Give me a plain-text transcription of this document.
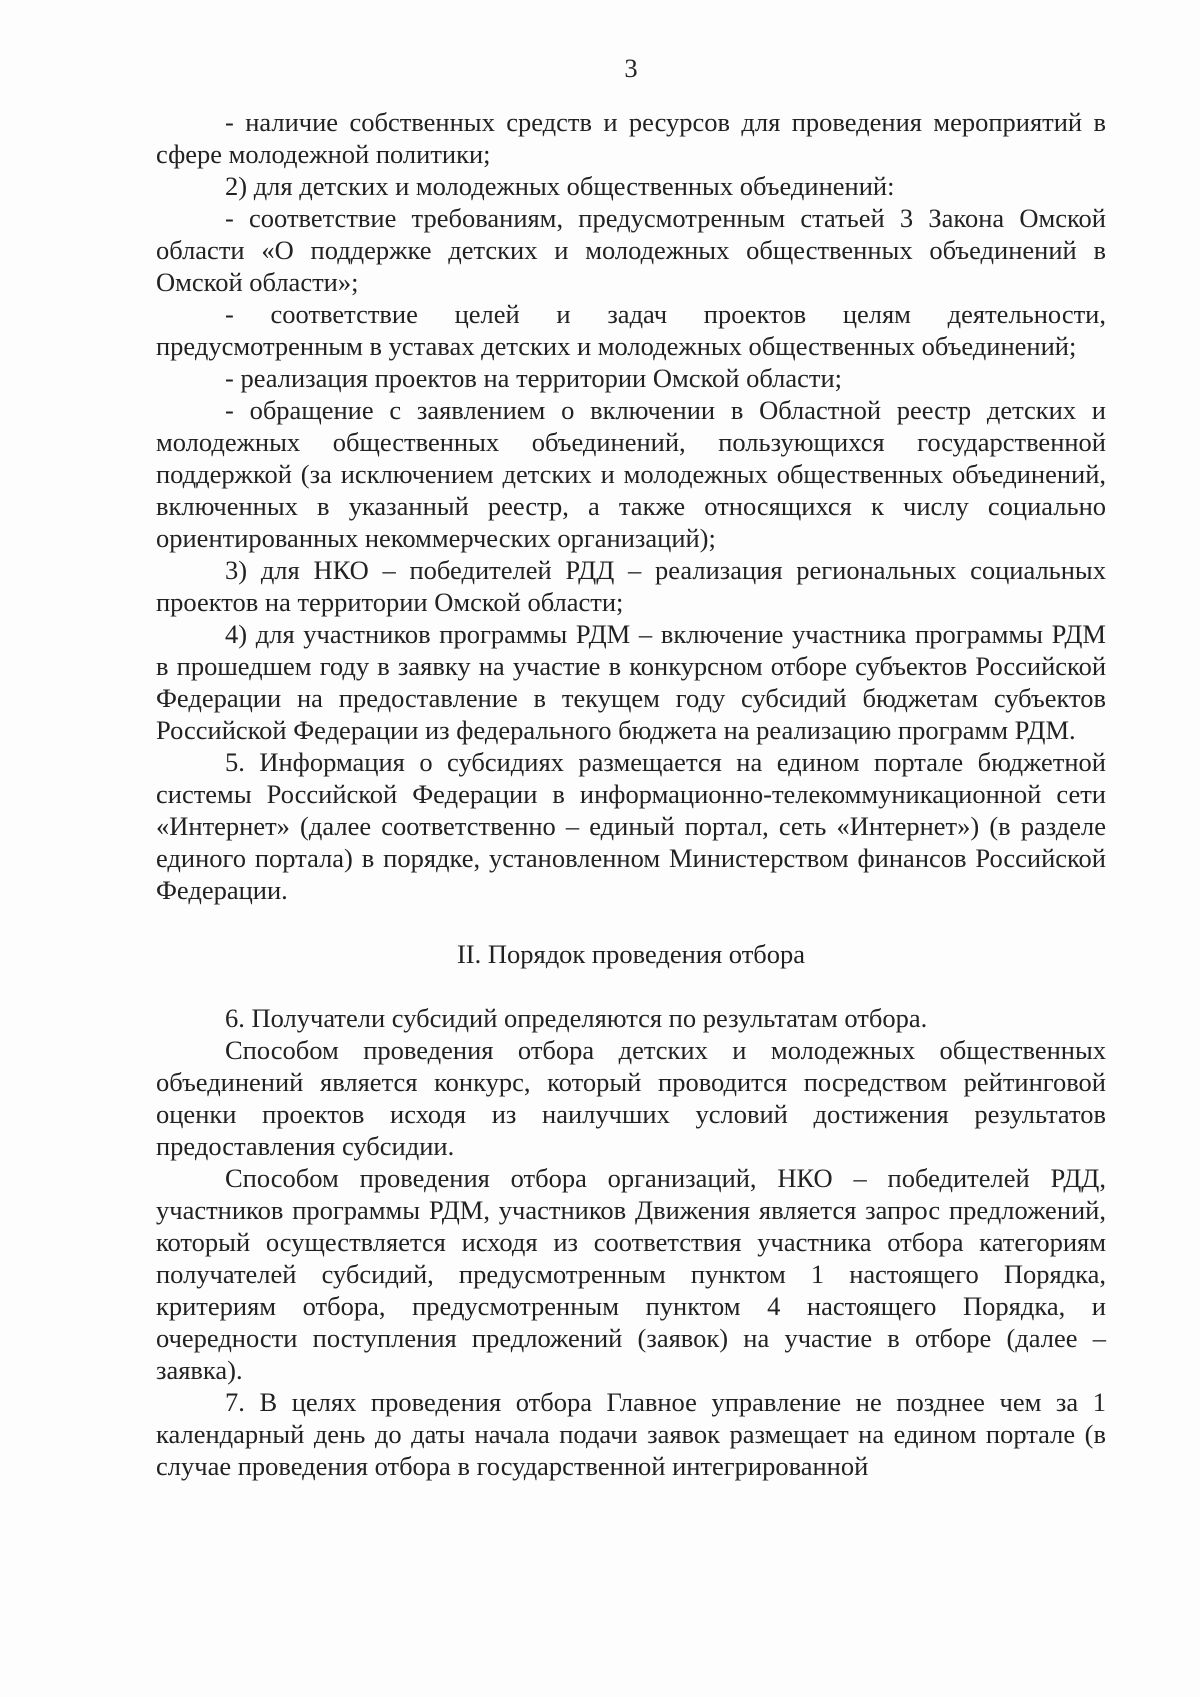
3

- наличие собственных средств и ресурсов для проведения мероприятий в сфере молодежной политики;

2) для детских и молодежных общественных объединений:

- соответствие требованиям, предусмотренным статьей 3 Закона Омской области «О поддержке детских и молодежных общественных объединений в Омской области»;

- соответствие целей и задач проектов целям деятельности, предусмотренным в уставах детских и молодежных общественных объединений;

- реализация проектов на территории Омской области;

- обращение с заявлением о включении в Областной реестр детских и молодежных общественных объединений, пользующихся государственной поддержкой (за исключением детских и молодежных общественных объединений, включенных в указанный реестр, а также относящихся к числу социально ориентированных некоммерческих организаций);

3) для НКО – победителей РДД – реализация региональных социальных проектов на территории Омской области;

4) для участников программы РДМ – включение участника программы РДМ в прошедшем году в заявку на участие в конкурсном отборе субъектов Российской Федерации на предоставление в текущем году субсидий бюджетам субъектов Российской Федерации из федерального бюджета на реализацию программ РДМ.

5. Информация о субсидиях размещается на едином портале бюджетной системы Российской Федерации в информационно-телекоммуникационной сети «Интернет» (далее соответственно – единый портал, сеть «Интернет») (в разделе единого портала) в порядке, установленном Министерством финансов Российской Федерации.

II. Порядок проведения отбора

6. Получатели субсидий определяются по результатам отбора.

Способом проведения отбора детских и молодежных общественных объединений является конкурс, который проводится посредством рейтинговой оценки проектов исходя из наилучших условий достижения результатов предоставления субсидии.

Способом проведения отбора организаций, НКО – победителей РДД, участников программы РДМ, участников Движения является запрос предложений, который осуществляется исходя из соответствия участника отбора категориям получателей субсидий, предусмотренным пунктом 1 настоящего Порядка, критериям отбора, предусмотренным пунктом 4 настоящего Порядка, и очередности поступления предложений (заявок) на участие в отборе (далее – заявка).

7. В целях проведения отбора Главное управление не позднее чем за 1 календарный день до даты начала подачи заявок размещает на едином портале (в случае проведения отбора в государственной интегрированной
